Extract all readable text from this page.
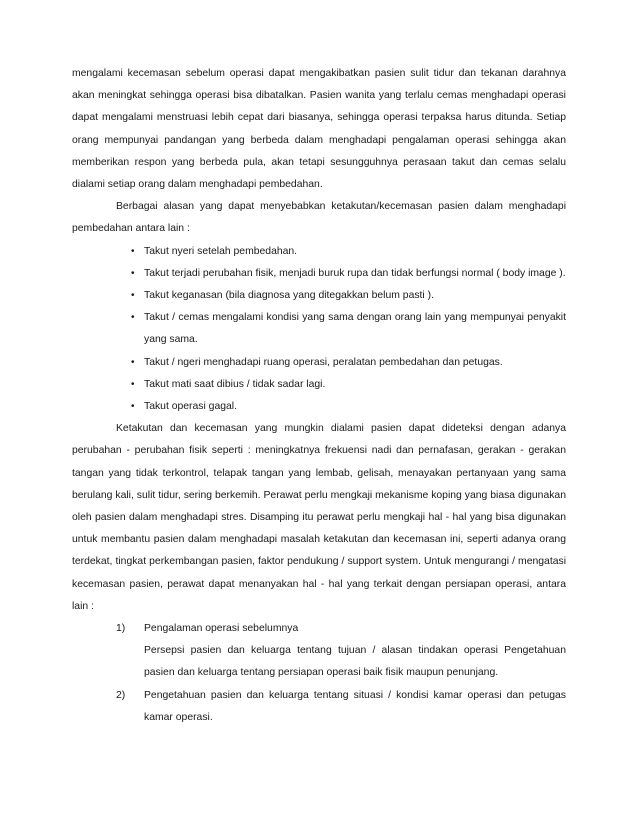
mengalami kecemasan sebelum operasi dapat mengakibatkan pasien sulit tidur dan tekanan darahnya akan meningkat sehingga operasi bisa dibatalkan. Pasien wanita yang terlalu cemas menghadapi operasi dapat mengalami menstruasi lebih cepat dari biasanya, sehingga operasi terpaksa harus ditunda. Setiap orang mempunyai pandangan yang berbeda dalam menghadapi pengalaman operasi sehingga akan memberikan respon yang berbeda pula, akan tetapi sesungguhnya perasaan takut dan cemas selalu dialami setiap orang dalam menghadapi pembedahan.

Berbagai alasan yang dapat menyebabkan ketakutan/kecemasan pasien dalam menghadapi pembedahan antara lain :

• Takut nyeri setelah pembedahan.
• Takut terjadi perubahan fisik, menjadi buruk rupa dan tidak berfungsi normal ( body image ).
• Takut keganasan (bila diagnosa yang ditegakkan belum pasti ).
• Takut / cemas mengalami kondisi yang sama dengan orang lain yang mempunyai penyakit yang sama.
• Takut / ngeri menghadapi ruang operasi, peralatan pembedahan dan petugas.
• Takut mati saat dibius / tidak sadar lagi.
• Takut operasi gagal.

Ketakutan dan kecemasan yang mungkin dialami pasien dapat dideteksi dengan adanya perubahan - perubahan fisik seperti : meningkatnya frekuensi nadi dan pernafasan, gerakan - gerakan tangan yang tidak terkontrol, telapak tangan yang lembab, gelisah, menayakan pertanyaan yang sama berulang kali, sulit tidur, sering berkemih. Perawat perlu mengkaji mekanisme koping yang biasa digunakan oleh pasien dalam menghadapi stres. Disamping itu perawat perlu mengkaji hal - hal yang bisa digunakan untuk membantu pasien dalam menghadapi masalah ketakutan dan kecemasan ini, seperti adanya orang terdekat, tingkat perkembangan pasien, faktor pendukung / support system. Untuk mengurangi / mengatasi kecemasan pasien, perawat dapat menanyakan hal - hal yang terkait dengan persiapan operasi, antara lain :

1) Pengalaman operasi sebelumnya
Persepsi pasien dan keluarga tentang tujuan / alasan tindakan operasi Pengetahuan pasien dan keluarga tentang persiapan operasi baik fisik maupun penunjang.
2) Pengetahuan pasien dan keluarga tentang situasi / kondisi kamar operasi dan petugas kamar operasi.
